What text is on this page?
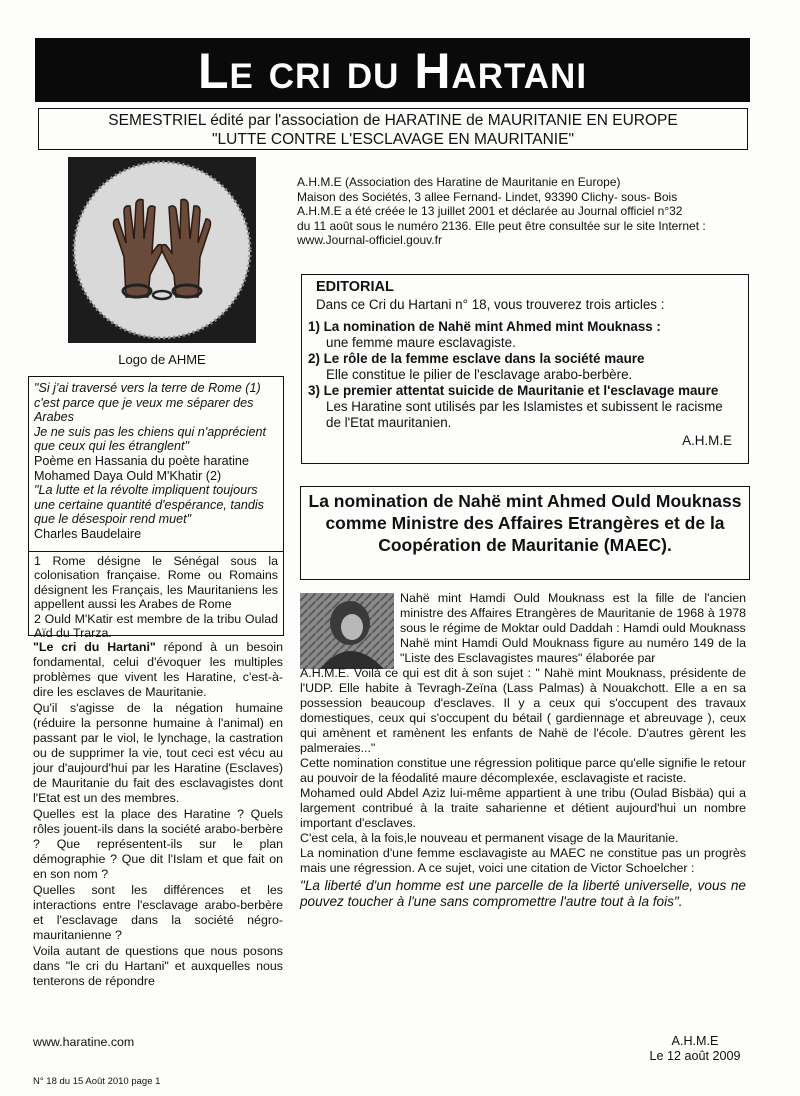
Le cri du Hartani
SEMESTRIEL édité par l'association de HARATINE de MAURITANIE EN EUROPE
"LUTTE CONTRE L'ESCLAVAGE EN MAURITANIE"
Logo de AHME
A.H.M.E (Association des Haratine de Mauritanie en Europe)
Maison des Sociétés, 3 allee Fernand- Lindet, 93390 Clichy- sous- Bois
A.H.M.E a été créée le 13 juillet 2001 et déclarée au Journal officiel n°32
du 11 août sous le numéro 2136. Elle peut être consultée sur le site Internet :
www.Journal-officiel.gouv.fr
EDITORIAL
Dans ce Cri du Hartani n° 18, vous trouverez trois articles :
1) La nomination de Nahë mint Ahmed mint Mouknass :
une femme maure esclavagiste.
2) Le rôle de la femme esclave dans la société maure
Elle constitue le pilier de l'esclavage arabo-berbère.
3) Le premier attentat suicide de Mauritanie et l'esclavage maure
Les Haratine sont utilisés par les Islamistes et subissent le racisme
de l'Etat mauritanien.
A.H.M.E
"Si j'ai traversé vers la terre de Rome (1) c'est parce que je veux me séparer des Arabes
Je ne suis pas les chiens qui n'apprécient que ceux qui les étranglent"
Poème en Hassania du poète haratine Mohamed Daya Ould M'Khatir (2)
"La lutte et la révolte impliquent toujours une certaine quantité d'espérance, tandis que le désespoir rend muet"
Charles Baudelaire
1 Rome désigne le Sénégal sous la colonisation française. Rome ou Romains désignent les Français, les Mauritaniens les appellent aussi les Arabes de Rome
2 Ould M'Katir est membre de la tribu Oulad Aïd du Trarza.

"Le cri du Hartani" répond à un besoin fondamental, celui d'évoquer les multiples problèmes que vivent les Haratine, c'est-à-dire les esclaves de Mauritanie.

Qu'il s'agisse de la négation humaine (réduire la personne humaine à l'animal) en passant par le viol, le lynchage, la castration ou de supprimer la vie, tout ceci est vécu au jour d'aujourd'hui par les Haratine (Esclaves) de Mauritanie du fait des esclavagistes dont l'Etat est un des membres.

Quelles est la place des Haratine ? Quels rôles jouent-ils dans la société arabo-berbère ? Que représentent-ils sur le plan démographie ? Que dit l'Islam et que fait on en son nom ?

Quelles sont les différences et les interactions entre l'esclavage arabo-berbère et l'esclavage dans la société négro-mauritanienne ?

Voila autant de questions que nous posons dans "le cri du Hartani" et auxquelles nous tenterons de répondre

www.haratine.com
La nomination de Nahë mint Ahmed Ould Mouknass comme Ministre des Affaires Etrangères et de la Coopération de Mauritanie (MAEC).

Nahë mint Hamdi Ould Mouknass est la fille de l'ancien ministre des Affaires Etrangères de Mauritanie de 1968 à 1978 sous le régime de Moktar ould Daddah : Hamdi ould Mouknass

Nahë mint Hamdi Ould Mouknass figure au numéro 149 de la "Liste des Esclavagistes maures" élaborée par

A.H.M.E. Voilà ce qui est dit à son sujet : " Nahë mint Mouknass, présidente de l'UDP. Elle habite à Tevragh-Zeïna (Lass Palmas) à Nouakchott. Elle a en sa possession beaucoup d'esclaves. Il y a ceux qui s'occupent des travaux domestiques, ceux qui s'occupent du bétail ( gardiennage et abreuvage ), ceux qui amènent et ramènent les enfants de Nahë de l'école. D'autres gèrent les palmeraies..."

Cette nomination constitue une régression politique parce qu'elle signifie le retour au pouvoir de la féodalité maure décomplexée, esclavagiste et raciste.

Mohamed ould Abdel Aziz lui-même appartient à une tribu (Oulad Bisbäa) qui a largement contribué à la traite saharienne et détient aujourd'hui un nombre important d'esclaves.

C'est cela, à la fois,le nouveau et permanent visage de la Mauritanie.

La nomination d'une femme esclavagiste au MAEC ne constitue pas un progrès mais une régression. A ce sujet, voici une citation de Victor Schoelcher :

"La liberté d'un homme est une parcelle de la liberté universelle, vous ne pouvez toucher à l'une sans compromettre l'autre tout à la fois".

A.H.M.E
Le 12 août 2009
N° 18 du 15 Août 2010 page 1
